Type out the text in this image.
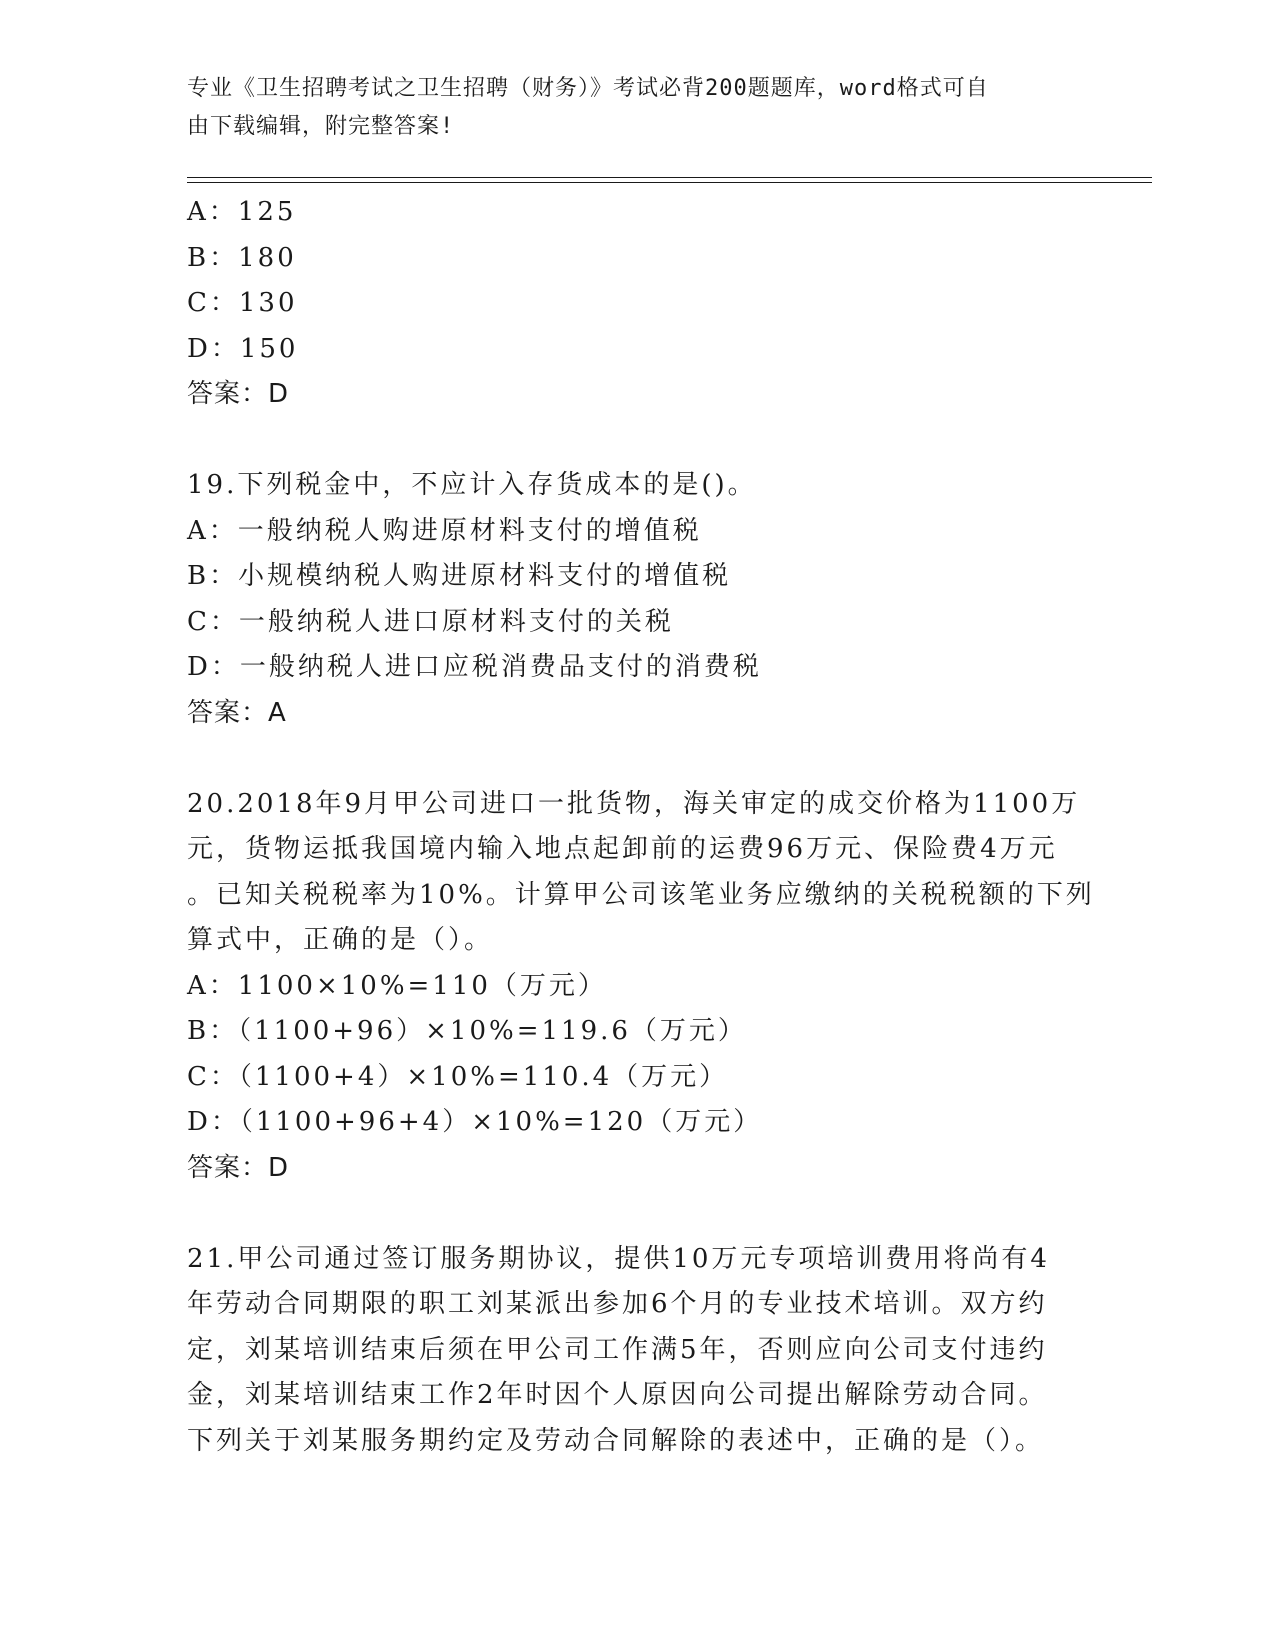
专业《卫生招聘考试之卫生招聘（财务）》考试必背200题题库，word格式可自
由下载编辑，附完整答案!
A：125
B：180
C：130
D：150
答案：D
19.下列税金中，不应计入存货成本的是()。
A：一般纳税人购进原材料支付的增值税
B：小规模纳税人购进原材料支付的增值税
C：一般纳税人进口原材料支付的关税
D：一般纳税人进口应税消费品支付的消费税
答案：A
20.2018年9月甲公司进口一批货物，海关审定的成交价格为1100万
元，货物运抵我国境内输入地点起卸前的运费96万元、保险费4万元
。已知关税税率为10%。计算甲公司该笔业务应缴纳的关税税额的下列
算式中，正确的是（）。
A：1100×10%=110（万元）
B：（1100+96）×10%=119.6（万元）
C：（1100+4）×10%=110.4（万元）
D：（1100+96+4）×10%=120（万元）
答案：D
21.甲公司通过签订服务期协议，提供10万元专项培训费用将尚有4
年劳动合同期限的职工刘某派出参加6个月的专业技术培训。双方约
定，刘某培训结束后须在甲公司工作满5年，否则应向公司支付违约
金，刘某培训结束工作2年时因个人原因向公司提出解除劳动合同。
下列关于刘某服务期约定及劳动合同解除的表述中，正确的是（）。
